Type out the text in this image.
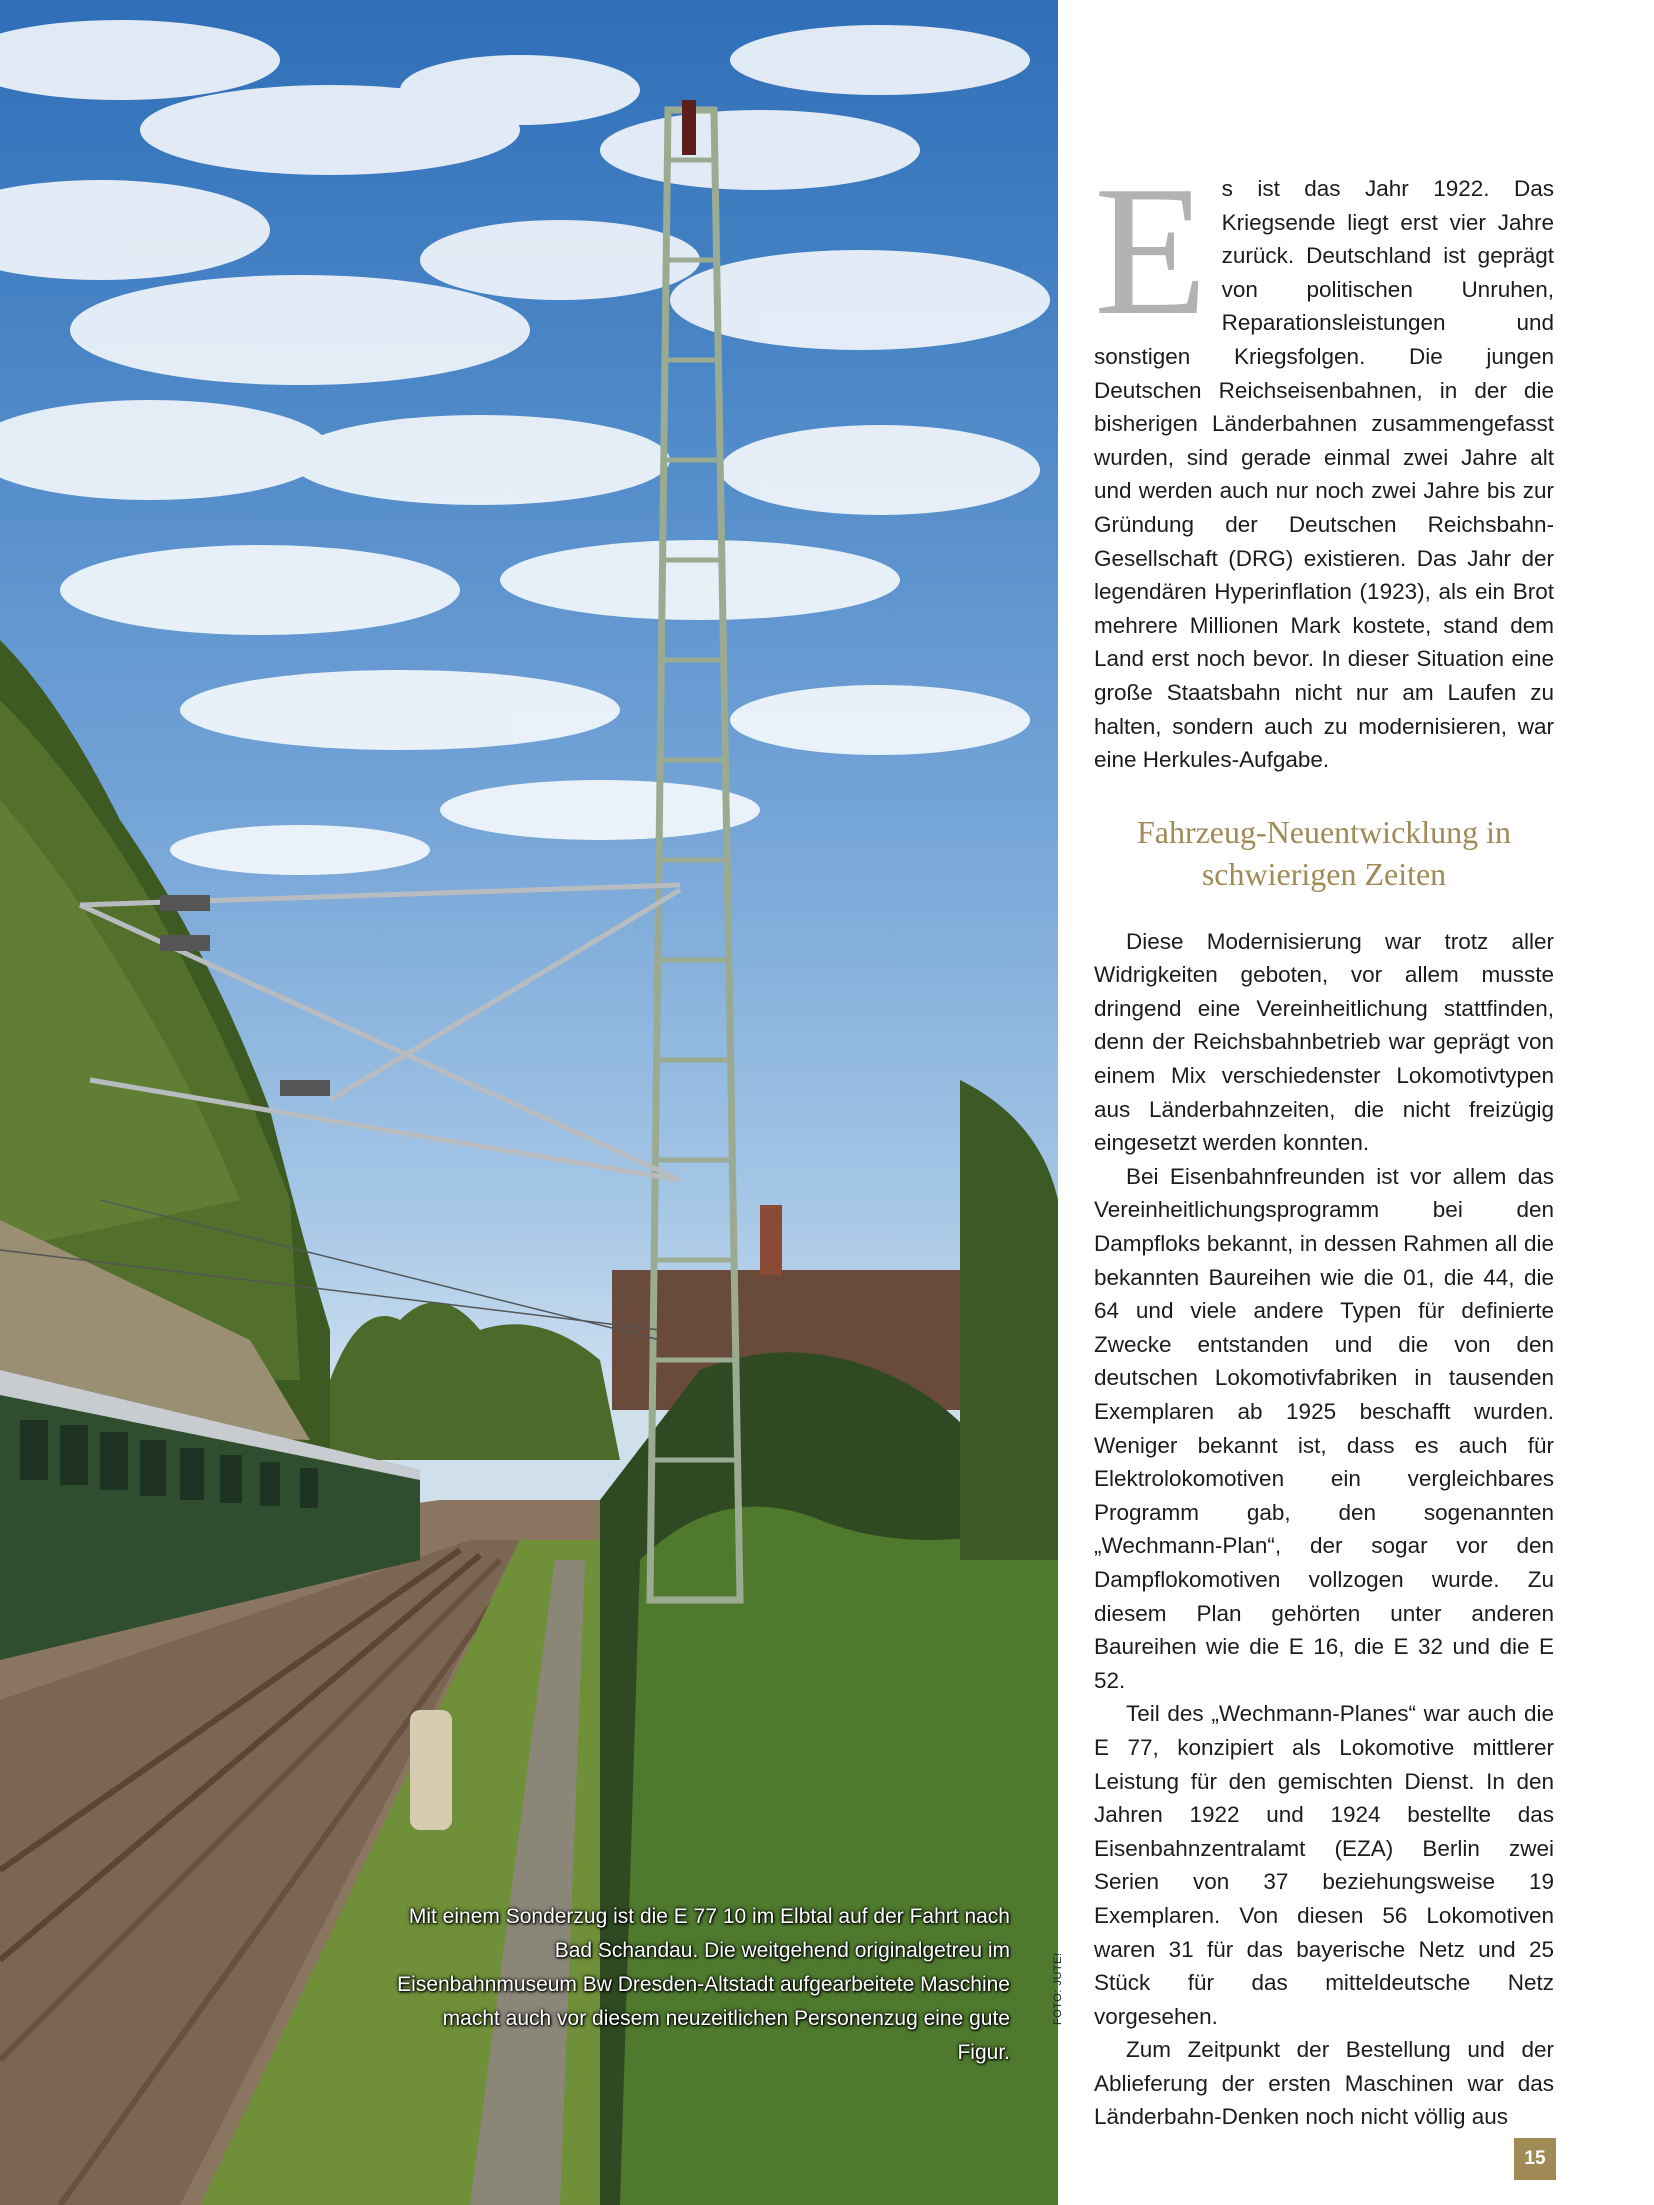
Mit einem Sonderzug ist die E 77 10 im Elbtal auf der Fahrt nach Bad Schandau. Die weitgehend originalgetreu im Eisenbahnmuseum Bw Dresden-Altstadt aufgearbeitete Maschine macht auch vor diesem neuzeitlichen Personenzug eine gute Figur.
FOTO: JUTE!
E s ist das Jahr 1922. Das Kriegsende liegt erst vier Jahre zurück. Deutschland ist geprägt von politischen Unruhen, Reparationsleistungen und sonstigen Kriegsfolgen. Die jungen Deutschen Reichseisenbahnen, in der die bisherigen Länderbahnen zusammengefasst wurden, sind gerade einmal zwei Jahre alt und werden auch nur noch zwei Jahre bis zur Gründung der Deutschen Reichsbahn-Gesellschaft (DRG) existieren. Das Jahr der legendären Hyperinflation (1923), als ein Brot mehrere Millionen Mark kostete, stand dem Land erst noch bevor. In dieser Situation eine große Staatsbahn nicht nur am Laufen zu halten, sondern auch zu modernisieren, war eine Herkules-Aufgabe.

Fahrzeug-Neuentwicklung in schwierigen Zeiten

Diese Modernisierung war trotz aller Widrigkeiten geboten, vor allem musste dringend eine Vereinheitlichung stattfinden, denn der Reichsbahnbetrieb war geprägt von einem Mix verschiedenster Lokomotivtypen aus Länderbahnzeiten, die nicht freizügig eingesetzt werden konnten.

Bei Eisenbahnfreunden ist vor allem das Vereinheitlichungsprogramm bei den Dampfloks bekannt, in dessen Rahmen all die bekannten Baureihen wie die 01, die 44, die 64 und viele andere Typen für definierte Zwecke entstanden und die von den deutschen Lokomotivfabriken in tausenden Exemplaren ab 1925 beschafft wurden. Weniger bekannt ist, dass es auch für Elektrolokomotiven ein vergleichbares Programm gab, den sogenannten „Wechmann-Plan“, der sogar vor den Dampflokomotiven vollzogen wurde. Zu diesem Plan gehörten unter anderen Baureihen wie die E 16, die E 32 und die E 52.

Teil des „Wechmann-Planes“ war auch die E 77, konzipiert als Lokomotive mittlerer Leistung für den gemischten Dienst. In den Jahren 1922 und 1924 bestellte das Eisenbahnzentralamt (EZA) Berlin zwei Serien von 37 beziehungsweise 19 Exemplaren. Von diesen 56 Lokomotiven waren 31 für das bayerische Netz und 25 Stück für das mitteldeutsche Netz vorgesehen.

Zum Zeitpunkt der Bestellung und der Ablieferung der ersten Maschinen war das Länderbahn-Denken noch nicht völlig aus

15
